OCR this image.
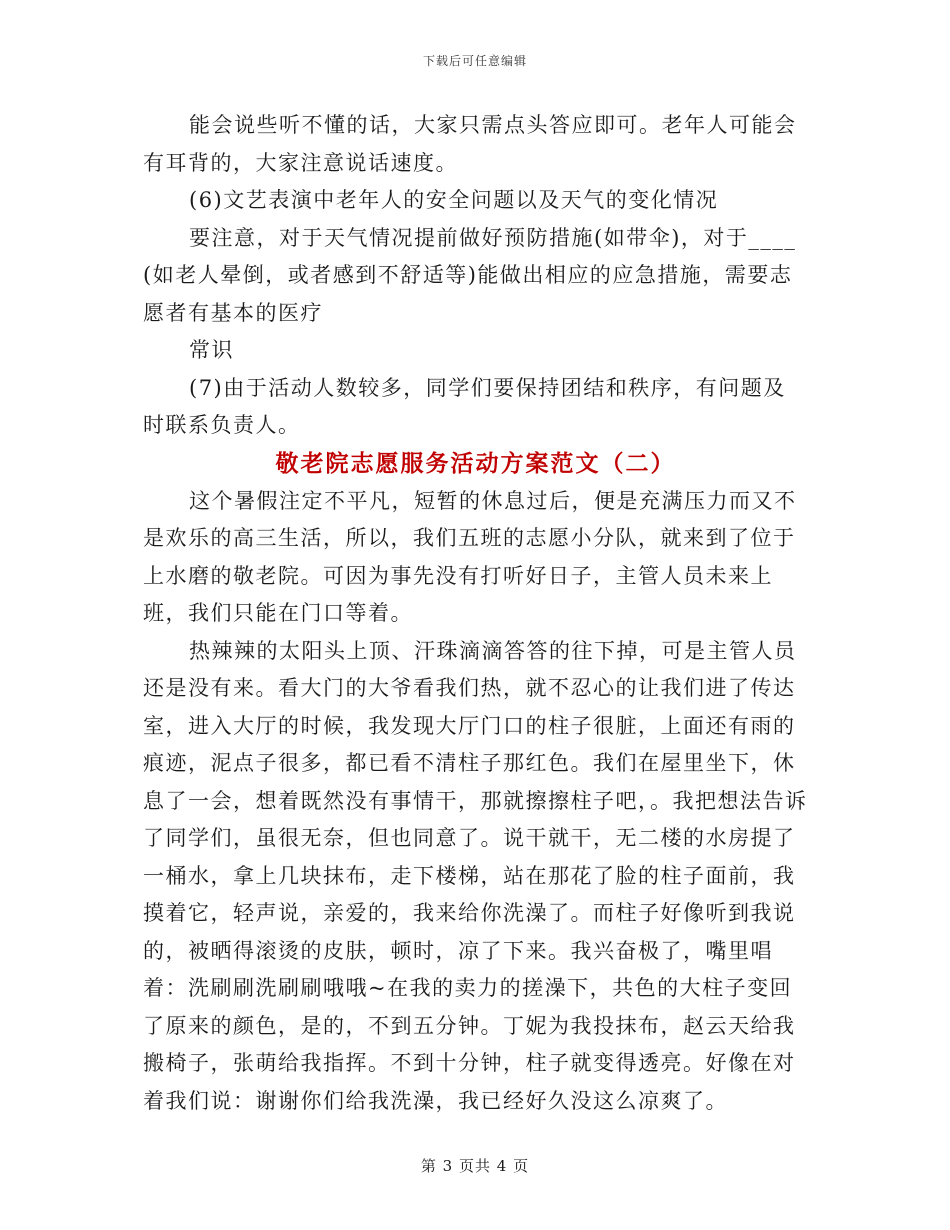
下载后可任意编辑

能会说些听不懂的话，大家只需点头答应即可。老年人可能会有耳背的，大家注意说话速度。

(6)文艺表演中老年人的安全问题以及天气的变化情况

要注意，对于天气情况提前做好预防措施(如带伞)，对于____(如老人晕倒，或者感到不舒适等)能做出相应的应急措施，需要志愿者有基本的医疗

常识

(7)由于活动人数较多，同学们要保持团结和秩序，有问题及时联系负责人。

敬老院志愿服务活动方案范文（二）

这个暑假注定不平凡，短暂的休息过后，便是充满压力而又不是欢乐的高三生活，所以，我们五班的志愿小分队，就来到了位于上水磨的敬老院。可因为事先没有打听好日子，主管人员未来上班，我们只能在门口等着。

热辣辣的太阳头上顶、汗珠滴滴答答的往下掉，可是主管人员还是没有来。看大门的大爷看我们热，就不忍心的让我们进了传达室，进入大厅的时候，我发现大厅门口的柱子很脏，上面还有雨的痕迹，泥点子很多，都已看不清柱子那红色。我们在屋里坐下，休息了一会，想着既然没有事情干，那就擦擦柱子吧，。我把想法告诉了同学们，虽很无奈，但也同意了。说干就干，无二楼的水房提了一桶水，拿上几块抹布，走下楼梯，站在那花了脸的柱子面前，我摸着它，轻声说，亲爱的，我来给你洗澡了。而柱子好像听到我说的，被晒得滚烫的皮肤，顿时，凉了下来。我兴奋极了，嘴里唱着：洗刷刷洗刷刷哦哦~在我的卖力的搓澡下，共色的大柱子变回了原来的颜色，是的，不到五分钟。丁妮为我投抹布，赵云天给我搬椅子，张萌给我指挥。不到十分钟，柱子就变得透亮。好像在对着我们说：谢谢你们给我洗澡，我已经好久没这么凉爽了。

第 3 页共 4 页
